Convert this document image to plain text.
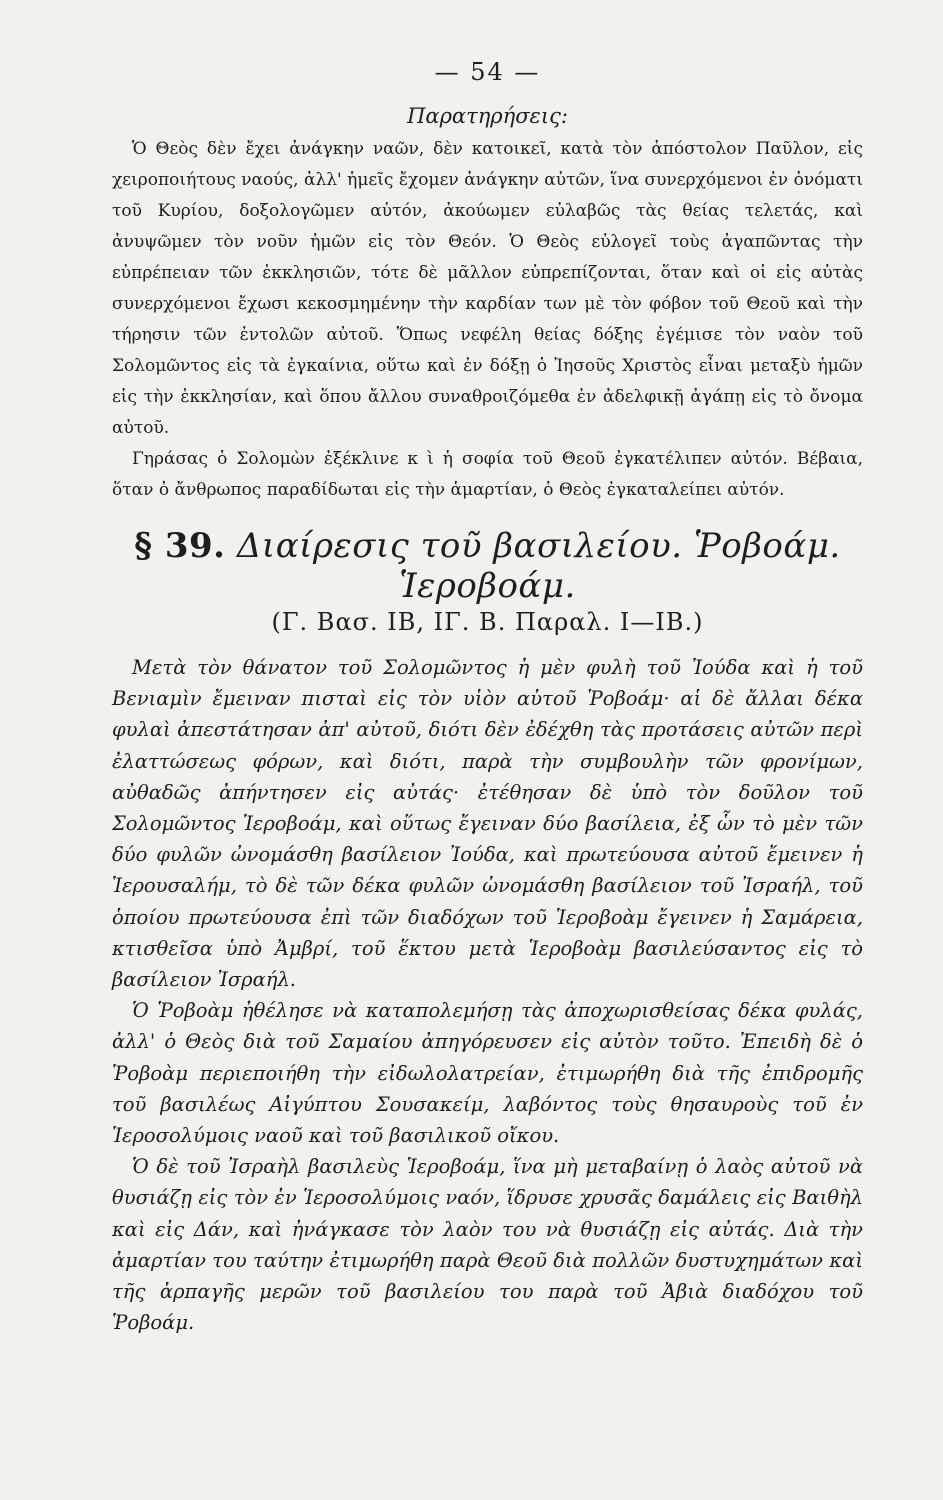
— 54 —
Παρατηρήσεις:

Ὁ Θεὸς δὲν ἔχει ἀνάγκην ναῶν, δὲν κατοικεῖ, κατὰ τὸν ἀπόστολον Παῦλον, εἰς χειροποιήτους ναούς, ἀλλ' ἡμεῖς ἔχομεν ἀνάγκην αὐτῶν, ἵνα συνερχόμενοι ἐν ὀνόματι τοῦ Κυρίου, δοξολογῶμεν αὐτόν, ἀκούωμεν εὐλαβῶς τὰς θείας τελετάς, καὶ ἀνυψῶμεν τὸν νοῦν ἡμῶν εἰς τὸν Θεόν. Ὁ Θεὸς εὐλογεῖ τοὺς ἀγαπῶντας τὴν εὐπρέπειαν τῶν ἐκκλησιῶν, τότε δὲ μᾶλλον εὐπρεπίζονται, ὅταν καὶ οἱ εἰς αὐτὰς συνερχόμενοι ἔχωσι κεκοσμημένην τὴν καρδίαν των μὲ τὸν φόβον τοῦ Θεοῦ καὶ τὴν τήρησιν τῶν ἐντολῶν αὐτοῦ. Ὅπως νεφέλη θείας δόξης ἐγέμισε τὸν ναὸν τοῦ Σολομῶντος εἰς τὰ ἐγκαίνια, οὕτω καὶ ἐν δόξῃ ὁ Ἰησοῦς Χριστὸς εἶναι μεταξὺ ἡμῶν εἰς τὴν ἐκκλησίαν, καὶ ὅπου ἄλλου συναθροιζόμεθα ἐν ἀδελφικῇ ἀγάπῃ εἰς τὸ ὄνομα αὐτοῦ.

Γηράσας ὁ Σολομὼν ἐξέκλινε κ ὶ ἡ σοφία τοῦ Θεοῦ ἐγκατέλιπεν αὐτόν. Βέβαια, ὅταν ὁ ἄνθρωπος παραδίδωται εἰς τὴν ἁμαρτίαν, ὁ Θεὸς ἐγκαταλείπει αὐτόν.

§ 39. Διαίρεσις τοῦ βασιλείου. Ῥοβοάμ. Ἱεροβοάμ.
(Γ. Βασ. ΙΒ, ΙΓ. Β. Παραλ. Ι—ΙΒ.)

Μετὰ τὸν θάνατον τοῦ Σολομῶντος ἡ μὲν φυλὴ τοῦ Ἰούδα καὶ ἡ τοῦ Βενιαμὶν ἔμειναν πισταὶ εἰς τὸν υἱὸν αὐτοῦ Ῥοβοάμ· αἱ δὲ ἄλλαι δέκα φυλαὶ ἀπεστάτησαν ἀπ' αὐτοῦ, διότι δὲν ἐδέχθη τὰς προτάσεις αὐτῶν περὶ ἐλαττώσεως φόρων, καὶ διότι, παρὰ τὴν συμβουλὴν τῶν φρονίμων, αὐθαδῶς ἀπήντησεν εἰς αὐτάς· ἐτέθησαν δὲ ὑπὸ τὸν δοῦλον τοῦ Σολομῶντος Ἱεροβοάμ, καὶ οὕτως ἔγειναν δύο βασίλεια, ἐξ ὧν τὸ μὲν τῶν δύο φυλῶν ὠνομάσθη βασίλειον Ἰούδα, καὶ πρωτεύουσα αὐτοῦ ἔμεινεν ἡ Ἱερουσαλήμ, τὸ δὲ τῶν δέκα φυλῶν ὠνομάσθη βασίλειον τοῦ Ἰσραήλ, τοῦ ὁποίου πρωτεύουσα ἐπὶ τῶν διαδόχων τοῦ Ἱεροβοὰμ ἔγεινεν ἡ Σαμάρεια, κτισθεῖσα ὑπὸ Ἀμβρί, τοῦ ἕκτου μετὰ Ἱεροβοὰμ βασιλεύσαντος εἰς τὸ βασίλειον Ἰσραήλ.

Ὁ Ῥοβοὰμ ἠθέλησε νὰ καταπολεμήσῃ τὰς ἀποχωρισθείσας δέκα φυλάς, ἀλλ' ὁ Θεὸς διὰ τοῦ Σαμαίου ἀπηγόρευσεν εἰς αὐτὸν τοῦτο. Ἐπειδὴ δὲ ὁ Ῥοβοὰμ περιεποιήθη τὴν εἰδωλολατρείαν, ἐτιμωρήθη διὰ τῆς ἐπιδρομῆς τοῦ βασιλέως Αἰγύπτου Σουσακείμ, λαβόντος τοὺς θησαυροὺς τοῦ ἐν Ἱεροσολύμοις ναοῦ καὶ τοῦ βασιλικοῦ οἴκου.

Ὁ δὲ τοῦ Ἰσραὴλ βασιλεὺς Ἱεροβοάμ, ἵνα μὴ μεταβαίνῃ ὁ λαὸς αὐτοῦ νὰ θυσιάζῃ εἰς τὸν ἐν Ἱεροσολύμοις ναόν, ἵδρυσε χρυσᾶς δαμάλεις εἰς Βαιθὴλ καὶ εἰς Δάν, καὶ ἠνάγκασε τὸν λαὸν του νὰ θυσιάζῃ εἰς αὐτάς. Διὰ τὴν ἁμαρτίαν του ταύτην ἐτιμωρήθη παρὰ Θεοῦ διὰ πολλῶν δυστυχημάτων καὶ τῆς ἁρπαγῆς μερῶν τοῦ βασιλείου του παρὰ τοῦ Ἀβιὰ διαδόχου τοῦ Ῥοβοάμ.
